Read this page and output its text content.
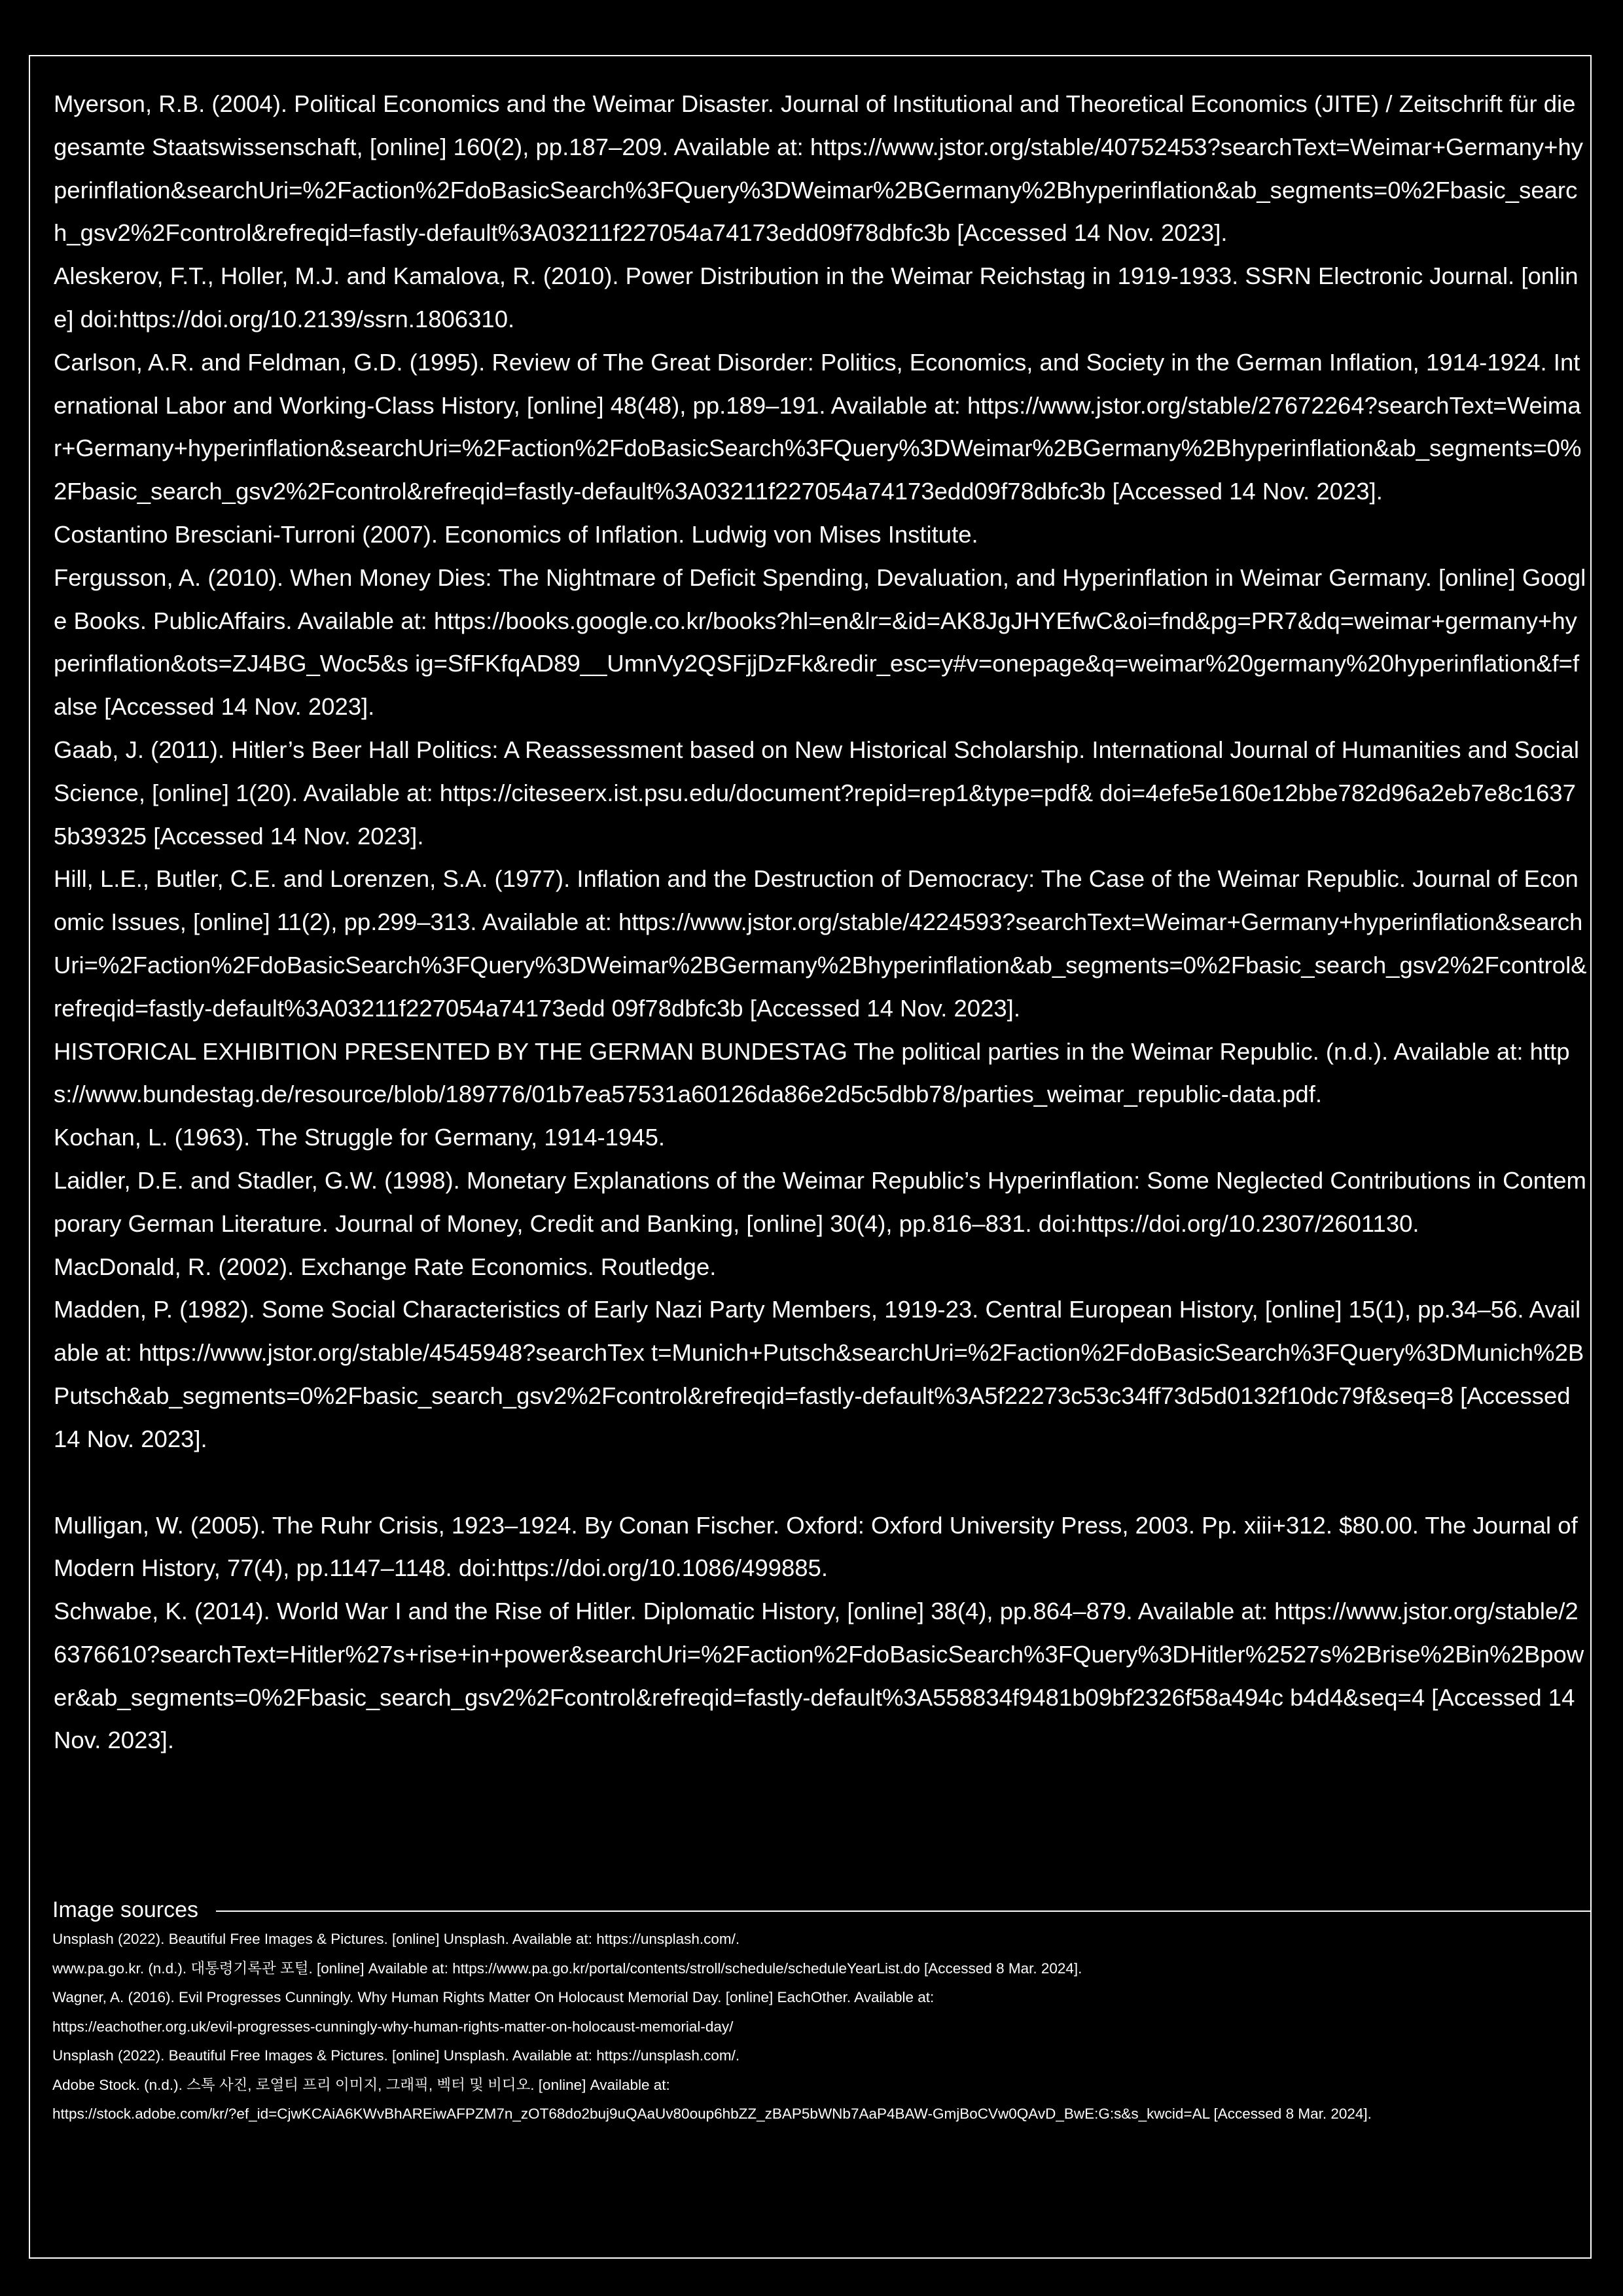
Myerson, R.B. (2004). Political Economics and the Weimar Disaster. Journal of Institutional and Theoretical Economics (JITE) / Zeitschrift für die gesamte Staatswissenschaft, [online] 160(2), pp.187–209. Available at: https://www.jstor.org/stable/40752453?searchText=Weimar+Germany+hyperinflation&searchUri=%2Faction%2FdoBasicSearch%3FQuery%3DWeimar%2BGermany%2Bhyperinflation&ab_segments=0%2Fbasic_search_gsv2%2Fcontrol&refreqid=fastly-default%3A03211f227054a74173edd09f78dbfc3b [Accessed 14 Nov. 2023].

Aleskerov, F.T., Holler, M.J. and Kamalova, R. (2010). Power Distribution in the Weimar Reichstag in 1919-1933. SSRN Electronic Journal. [online] doi:https://doi.org/10.2139/ssrn.1806310.

Carlson, A.R. and Feldman, G.D. (1995). Review of The Great Disorder: Politics, Economics, and Society in the German Inflation, 1914-1924. International Labor and Working-Class History, [online] 48(48), pp.189–191. Available at: https://www.jstor.org/stable/27672264?searchText=Weimar+Germany+hyperinflation&searchUri=%2Faction%2FdoBasicSearch%3FQuery%3DWeimar%2BGermany%2Bhyperinflation&ab_segments=0%2Fbasic_search_gsv2%2Fcontrol&refreqid=fastly-default%3A03211f227054a74173edd09f78dbfc3b [Accessed 14 Nov. 2023].

Costantino Bresciani-Turroni (2007). Economics of Inflation. Ludwig von Mises Institute.

Fergusson, A. (2010). When Money Dies: The Nightmare of Deficit Spending, Devaluation, and Hyperinflation in Weimar Germany. [online] Google Books. PublicAffairs. Available at: https://books.google.co.kr/books?hl=en&lr=&id=AK8JgJHYEfwC&oi=fnd&pg=PR7&dq=weimar+germany+hyperinflation&ots=ZJ4BG_Woc5&s ig=SfFKfqAD89__UmnVy2QSFjjDzFk&redir_esc=y#v=onepage&q=weimar%20germany%20hyperinflation&f=false [Accessed 14 Nov. 2023].

Gaab, J. (2011). Hitler’s Beer Hall Politics: A Reassessment based on New Historical Scholarship. International Journal of Humanities and Social Science, [online] 1(20). Available at: https://citeseerx.ist.psu.edu/document?repid=rep1&type=pdf& doi=4efe5e160e12bbe782d96a2eb7e8c16375b39325 [Accessed 14 Nov. 2023].

Hill, L.E., Butler, C.E. and Lorenzen, S.A. (1977). Inflation and the Destruction of Democracy: The Case of the Weimar Republic. Journal of Economic Issues, [online] 11(2), pp.299–313. Available at: https://www.jstor.org/stable/4224593?searchText=Weimar+Germany+hyperinflation&searchUri=%2Faction%2FdoBasicSearch%3FQuery%3DWeimar%2BGermany%2Bhyperinflation&ab_segments=0%2Fbasic_search_gsv2%2Fcontrol&refreqid=fastly-default%3A03211f227054a74173edd 09f78dbfc3b [Accessed 14 Nov. 2023].

HISTORICAL EXHIBITION PRESENTED BY THE GERMAN BUNDESTAG The political parties in the Weimar Republic. (n.d.). Available at: https://www.bundestag.de/resource/blob/189776/01b7ea57531a60126da86e2d5c5dbb78/parties_weimar_republic-data.pdf.

Kochan, L. (1963). The Struggle for Germany, 1914-1945.

Laidler, D.E. and Stadler, G.W. (1998). Monetary Explanations of the Weimar Republic’s Hyperinflation: Some Neglected Contributions in Contemporary German Literature. Journal of Money, Credit and Banking, [online] 30(4), pp.816–831. doi:https://doi.org/10.2307/2601130.

MacDonald, R. (2002). Exchange Rate Economics. Routledge.

Madden, P. (1982). Some Social Characteristics of Early Nazi Party Members, 1919-23. Central European History, [online] 15(1), pp.34–56. Available at: https://www.jstor.org/stable/4545948?searchTex t=Munich+Putsch&searchUri=%2Faction%2FdoBasicSearch%3FQuery%3DMunich%2BPutsch&ab_segments=0%2Fbasic_search_gsv2%2Fcontrol&refreqid=fastly-default%3A5f22273c53c34ff73d5d0132f10dc79f&seq=8 [Accessed 14 Nov. 2023].

Mulligan, W. (2005). The Ruhr Crisis, 1923–1924. By Conan Fischer. Oxford: Oxford University Press, 2003. Pp. xiii+312. $80.00. The Journal of Modern History, 77(4), pp.1147–1148. doi:https://doi.org/10.1086/499885.

Schwabe, K. (2014). World War I and the Rise of Hitler. Diplomatic History, [online] 38(4), pp.864–879. Available at: https://www.jstor.org/stable/26376610?searchText=Hitler%27s+rise+in+power&searchUri=%2Faction%2FdoBasicSearch%3FQuery%3DHitler%2527s%2Brise%2Bin%2Bpower&ab_segments=0%2Fbasic_search_gsv2%2Fcontrol&refreqid=fastly-default%3A558834f9481b09bf2326f58a494c b4d4&seq=4 [Accessed 14 Nov. 2023].

Image sources

Unsplash (2022). Beautiful Free Images & Pictures. [online] Unsplash. Available at: https://unsplash.com/.

www.pa.go.kr. (n.d.). 대통령기록관 포털. [online] Available at: https://www.pa.go.kr/portal/contents/stroll/schedule/scheduleYearList.do [Accessed 8 Mar. 2024].

Wagner, A. (2016). Evil Progresses Cunningly. Why Human Rights Matter On Holocaust Memorial Day. [online] EachOther. Available at:

https://eachother.org.uk/evil-progresses-cunningly-why-human-rights-matter-on-holocaust-memorial-day/

Unsplash (2022). Beautiful Free Images & Pictures. [online] Unsplash. Available at: https://unsplash.com/.

Adobe Stock. (n.d.). 스톡 사진, 로열티 프리 이미지, 그래픽, 벡터 및 비디오. [online] Available at:

https://stock.adobe.com/kr/?ef_id=CjwKCAiA6KWvBhAREiwAFPZM7n_zOT68do2buj9uQAaUv80oup6hbZZ_zBAP5bWNb7AaP4BAW-GmjBoCVw0QAvD_BwE:G:s&s_kwcid=AL [Accessed 8 Mar. 2024].
